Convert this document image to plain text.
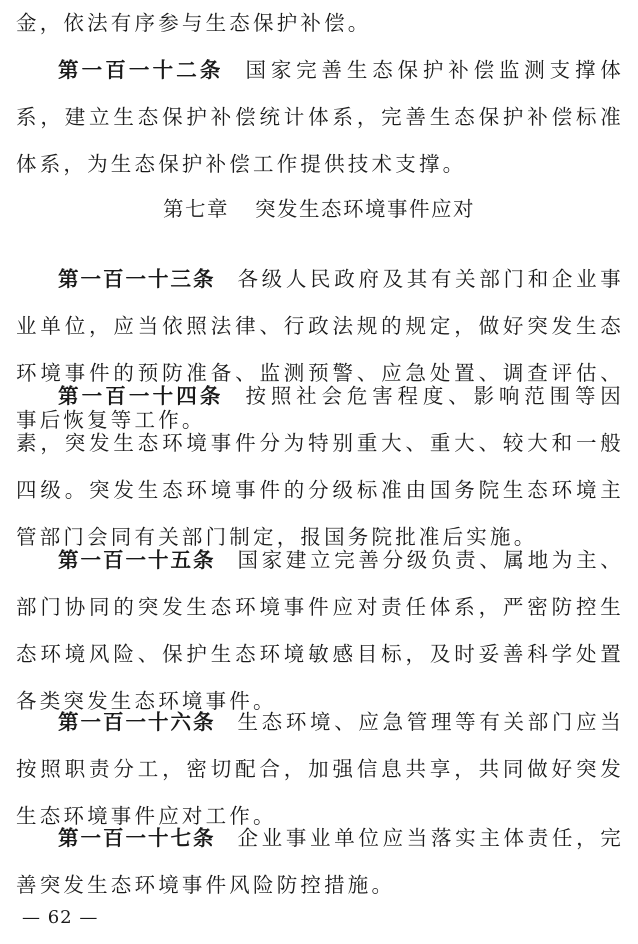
金，依法有序参与生态保护补偿。

第一百一十二条 国家完善生态保护补偿监测支撑体系，建立生态保护补偿统计体系，完善生态保护补偿标准体系，为生态保护补偿工作提供技术支撑。

第七章 突发生态环境事件应对

第一百一十三条 各级人民政府及其有关部门和企业事业单位，应当依照法律、行政法规的规定，做好突发生态环境事件的预防准备、监测预警、应急处置、调查评估、事后恢复等工作。

第一百一十四条 按照社会危害程度、影响范围等因素，突发生态环境事件分为特别重大、重大、较大和一般四级。突发生态环境事件的分级标准由国务院生态环境主管部门会同有关部门制定，报国务院批准后实施。

第一百一十五条 国家建立完善分级负责、属地为主、部门协同的突发生态环境事件应对责任体系，严密防控生态环境风险、保护生态环境敏感目标，及时妥善科学处置各类突发生态环境事件。

第一百一十六条 生态环境、应急管理等有关部门应当按照职责分工，密切配合，加强信息共享，共同做好突发生态环境事件应对工作。

第一百一十七条 企业事业单位应当落实主体责任，完善突发生态环境事件风险防控措施。

— 62 —
